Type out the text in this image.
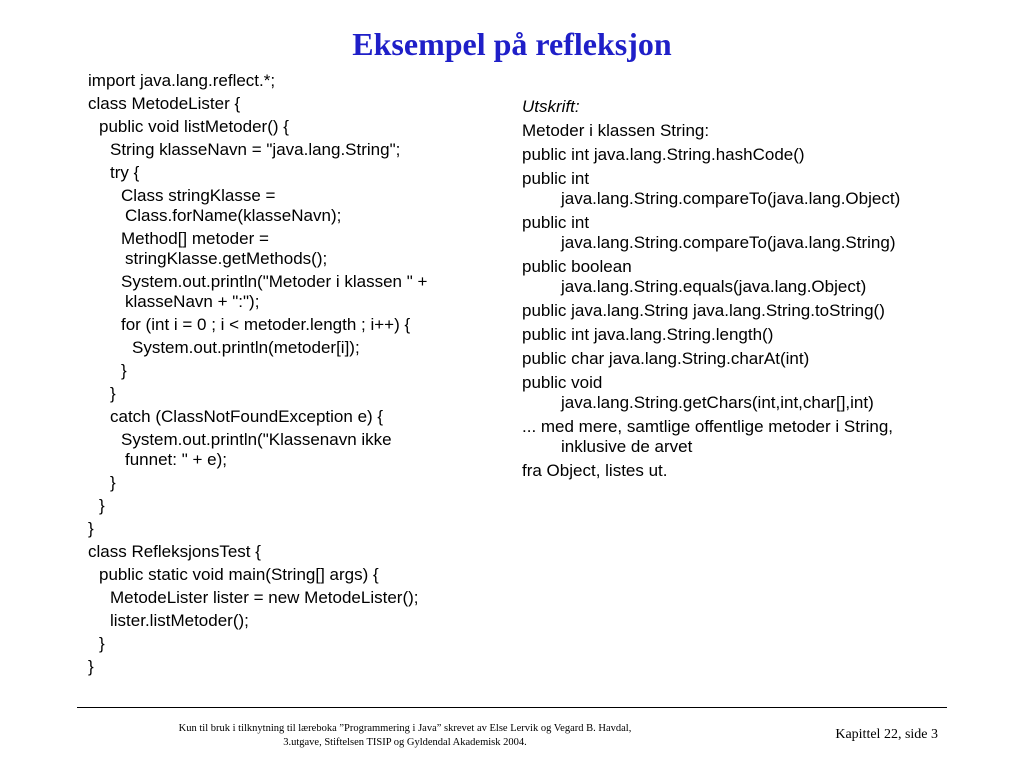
Eksempel på refleksjon
import java.lang.reflect.*;
class MetodeLister {
public void listMetoder() {
String klasseNavn = "java.lang.String";
try {
Class stringKlasse =
Class.forName(klasseNavn);
Method[] metoder =
stringKlasse.getMethods();
System.out.println("Metoder i klassen " +
klasseNavn + ":");
for (int i = 0 ; i < metoder.length ; i++) {
System.out.println(metoder[i]);
}
}
catch (ClassNotFoundException e) {
System.out.println("Klassenavn ikke
funnet: " + e);
}
}
}
class RefleksjonsTest {
public static void main(String[] args) {
MetodeLister lister = new MetodeLister();
lister.listMetoder();
}
}
Utskrift:
Metoder i klassen String:
public int java.lang.String.hashCode()
public int
java.lang.String.compareTo(java.lang.Object)
public int
java.lang.String.compareTo(java.lang.String)
public boolean
java.lang.String.equals(java.lang.Object)
public java.lang.String java.lang.String.toString()
public int java.lang.String.length()
public char java.lang.String.charAt(int)
public void
java.lang.String.getChars(int,int,char[],int)
... med mere, samtlige offentlige metoder i String,
inklusive de arvet
fra Object, listes ut.
Kun til bruk i tilknytning til læreboka ”Programmering i Java” skrevet av Else Lervik og Vegard B. Havdal,
3.utgave, Stiftelsen TISIP og Gyldendal Akademisk 2004.
Kapittel 22, side 3
